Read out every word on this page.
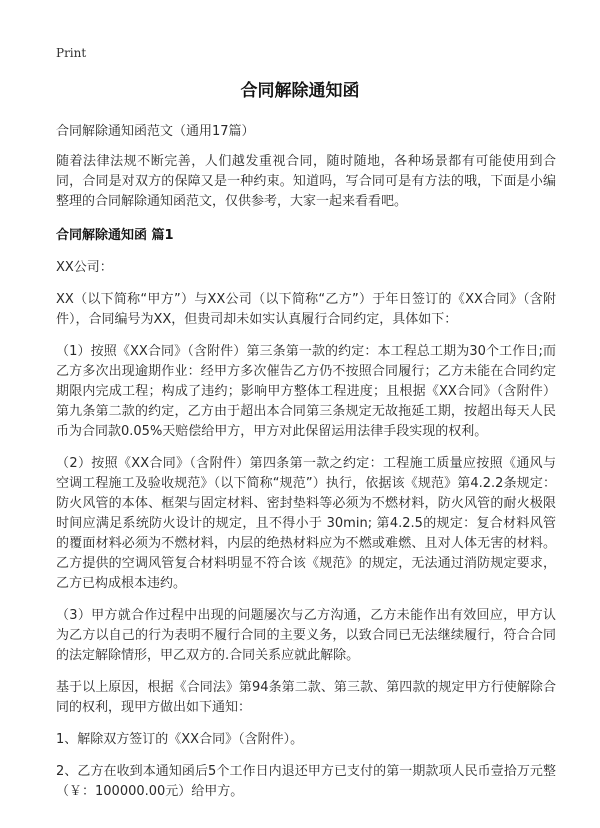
Print
合同解除通知函

合同解除通知函范文（通用17篇）

随着法律法规不断完善，人们越发重视合同，随时随地，各种场景都有可能使用到合同，合同是对双方的保障又是一种约束。知道吗，写合同可是有方法的哦，下面是小编整理的合同解除通知函范文，仅供参考，大家一起来看看吧。

合同解除通知函 篇1

XX公司：

XX（以下简称“甲方”）与XX公司（以下简称“乙方”）于年日签订的《XX合同》（含附件），合同编号为XX，但贵司却未如实认真履行合同约定，具体如下：

（1）按照《XX合同》（含附件）第三条第一款的约定：本工程总工期为30个工作日;而乙方多次出现逾期作业：经甲方多次催告乙方仍不按照合同履行；乙方未能在合同约定期限内完成工程；构成了违约；影响甲方整体工程进度；且根据《XX合同》（含附件）第九条第二款的约定，乙方由于超出本合同第三条规定无故拖延工期，按超出每天人民币为合同款0.05%天赔偿给甲方，甲方对此保留运用法律手段实现的权利。

（2）按照《XX合同》（含附件）第四条第一款之约定：工程施工质量应按照《通风与空调工程施工及验收规范》（以下简称“规范”）执行，依据该《规范》第4.2.2条规定：防火风管的本体、框架与固定材料、密封垫料等必须为不燃材料，防火风管的耐火极限时间应满足系统防火设计的规定，且不得小于 30min; 第4.2.5的规定：复合材料风管的覆面材料必须为不燃材料，内层的绝热材料应为不燃或难燃、且对人体无害的材料。乙方提供的空调风管复合材料明显不符合该《规范》的规定，无法通过消防规定要求，乙方已构成根本违约。

（3）甲方就合作过程中出现的问题屡次与乙方沟通，乙方未能作出有效回应，甲方认为乙方以自己的行为表明不履行合同的主要义务，以致合同已无法继续履行，符合合同的法定解除情形，甲乙双方的.合同关系应就此解除。

基于以上原因，根据《合同法》第94条第二款、第三款、第四款的规定甲方行使解除合同的权利，现甲方做出如下通知：

1、解除双方签订的《XX合同》（含附件）。

2、乙方在收到本通知函后5个工作日内退还甲方已支付的第一期款项人民币壹拾万元整（￥：100000.00元）给甲方。
